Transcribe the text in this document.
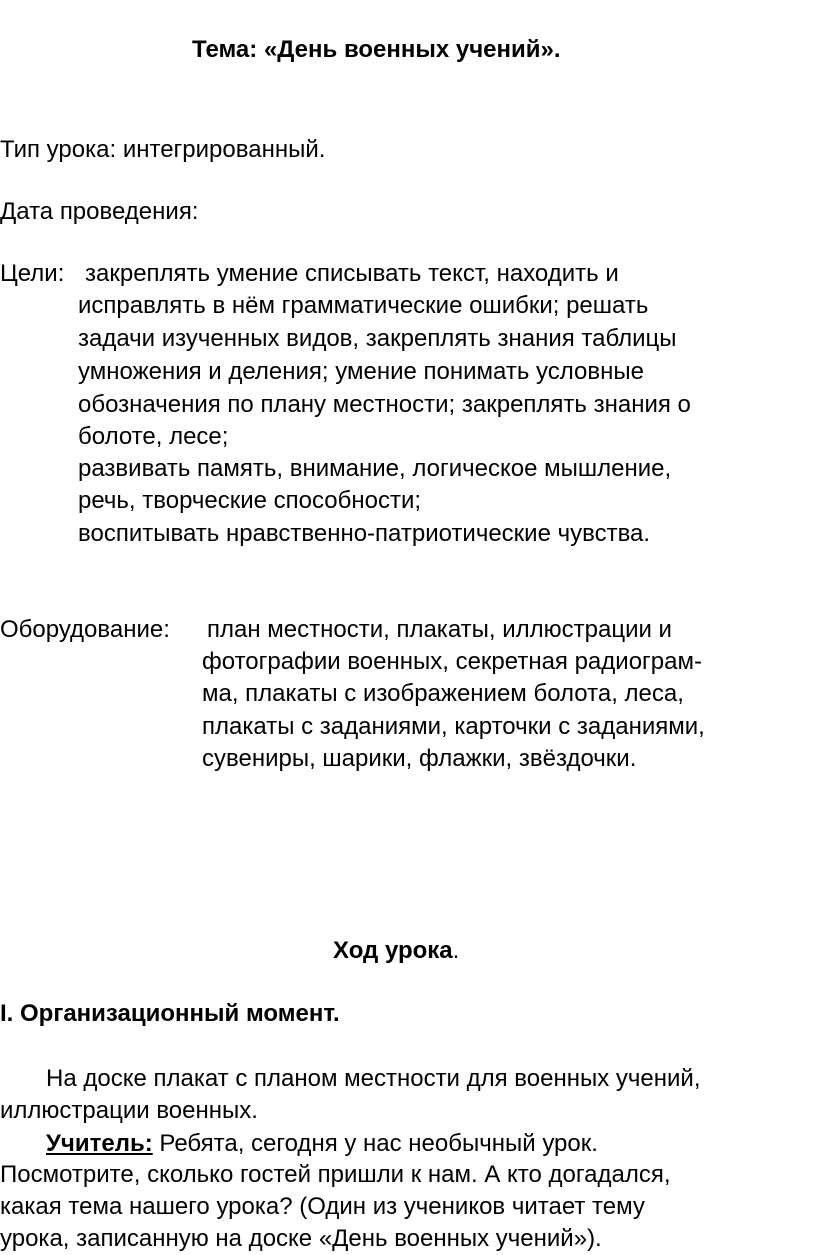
Тема: «День военных учений».
Тип урока: интегрированный.
Дата проведения:
Цели: закреплять умение списывать текст, находить и
исправлять в нём грамматические ошибки; решать
задачи изученных видов, закреплять знания таблицы
умножения и деления; умение понимать условные
обозначения по плану местности; закреплять знания о
болоте, лесе;
развивать память, внимание, логическое мышление,
речь, творческие способности;
воспитывать нравственно-патриотические чувства.
Оборудование: план местности, плакаты, иллюстрации и
фотографии военных, секретная радиограм-
ма, плакаты с изображением болота, леса,
плакаты с заданиями, карточки с заданиями,
сувениры, шарики, флажки, звёздочки.
Ход урока.
I. Организационный момент.
На доске плакат с планом местности для военных учений,
иллюстрации военных.
Учитель: Ребята, сегодня у нас необычный урок.
Посмотрите, сколько гостей пришли к нам. А кто догадался,
какая тема нашего урока? (Один из учеников читает тему
урока, записанную на доске «День военных учений»).
